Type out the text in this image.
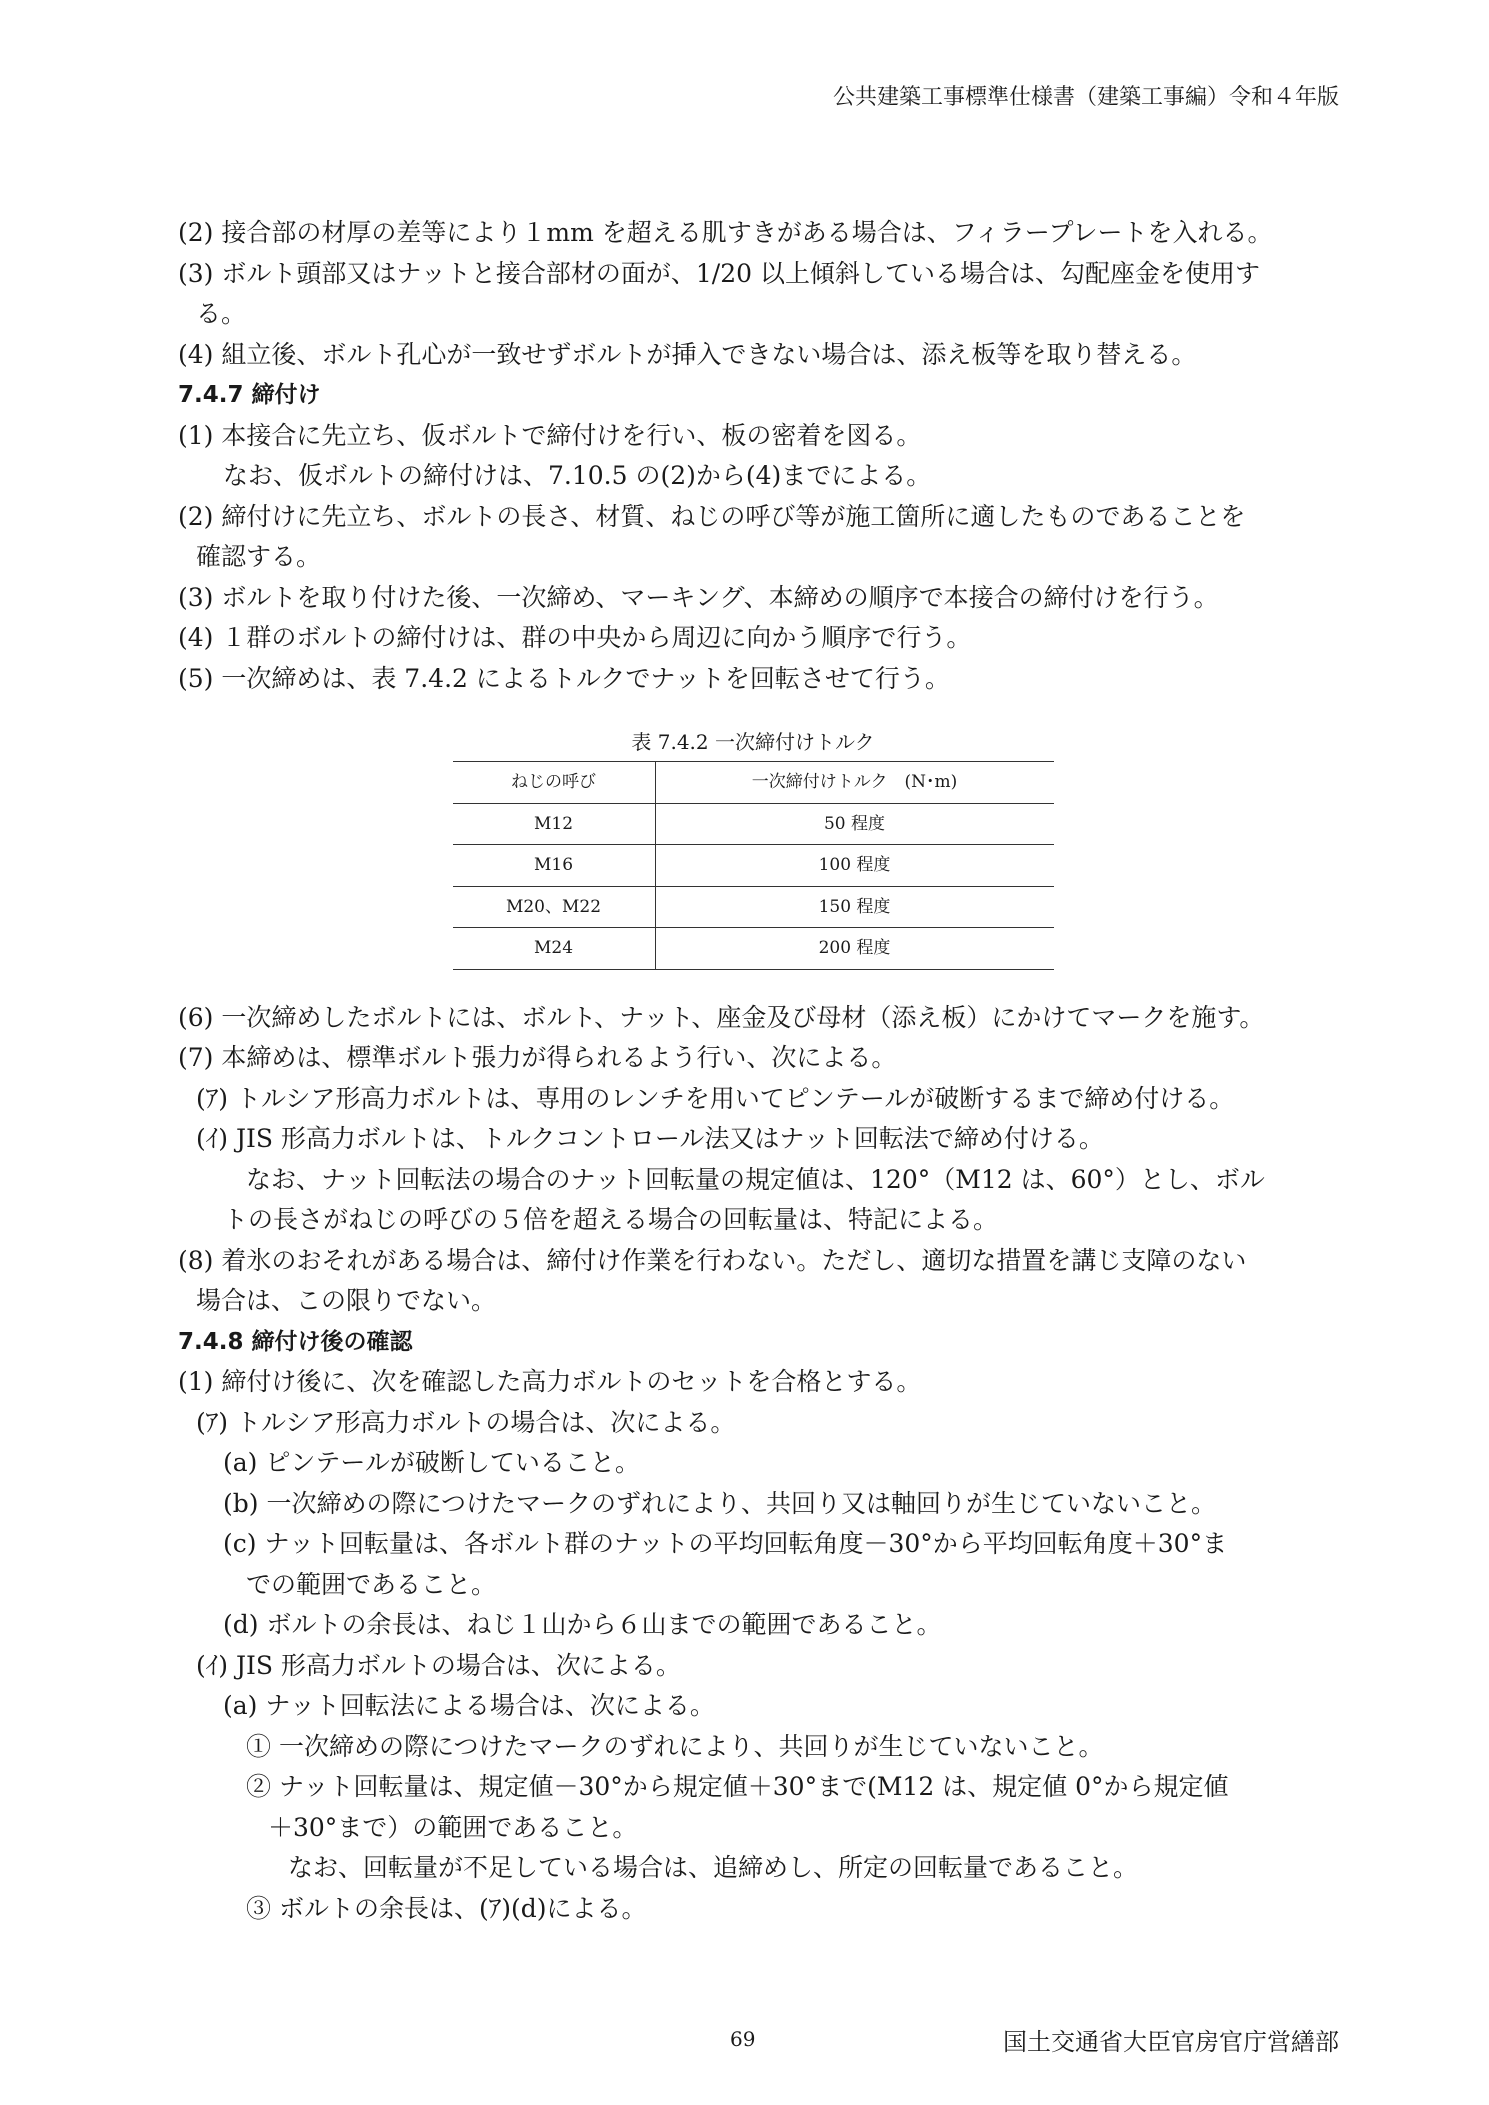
公共建築工事標準仕様書（建築工事編）令和４年版
(2) 接合部の材厚の差等により１mm を超える肌すきがある場合は、フィラープレートを入れる。
(3) ボルト頭部又はナットと接合部材の面が、1/20 以上傾斜している場合は、勾配座金を使用す
る。
(4) 組立後、ボルト孔心が一致せずボルトが挿入できない場合は、添え板等を取り替える。
7.4.7 締付け
(1) 本接合に先立ち、仮ボルトで締付けを行い、板の密着を図る。
なお、仮ボルトの締付けは、7.10.5 の(2)から(4)までによる。
(2) 締付けに先立ち、ボルトの長さ、材質、ねじの呼び等が施工箇所に適したものであることを
確認する。
(3) ボルトを取り付けた後、一次締め、マーキング、本締めの順序で本接合の締付けを行う。
(4) １群のボルトの締付けは、群の中央から周辺に向かう順序で行う。
(5) 一次締めは、表 7.4.2 によるトルクでナットを回転させて行う。
表 7.4.2 一次締付けトルク
ねじの呼び	一次締付けトルク　(N･m)
M12	50 程度
M16	100 程度
M20、M22	150 程度
M24	200 程度
(6) 一次締めしたボルトには、ボルト、ナット、座金及び母材（添え板）にかけてマークを施す。
(7) 本締めは、標準ボルト張力が得られるよう行い、次による。
(ｱ) トルシア形高力ボルトは、専用のレンチを用いてピンテールが破断するまで締め付ける。
(ｲ) JIS 形高力ボルトは、トルクコントロール法又はナット回転法で締め付ける。
なお、ナット回転法の場合のナット回転量の規定値は、120°（M12 は、60°）とし、ボル
トの長さがねじの呼びの５倍を超える場合の回転量は、特記による。
(8) 着氷のおそれがある場合は、締付け作業を行わない。ただし、適切な措置を講じ支障のない
場合は、この限りでない。
7.4.8 締付け後の確認
(1) 締付け後に、次を確認した高力ボルトのセットを合格とする。
(ｱ) トルシア形高力ボルトの場合は、次による。
(a) ピンテールが破断していること。
(b) 一次締めの際につけたマークのずれにより、共回り又は軸回りが生じていないこと。
(c) ナット回転量は、各ボルト群のナットの平均回転角度－30°から平均回転角度＋30°ま
での範囲であること。
(d) ボルトの余長は、ねじ１山から６山までの範囲であること。
(ｲ) JIS 形高力ボルトの場合は、次による。
(a) ナット回転法による場合は、次による。
① 一次締めの際につけたマークのずれにより、共回りが生じていないこと。
② ナット回転量は、規定値－30°から規定値＋30°まで(M12 は、規定値 0°から規定値
＋30°まで）の範囲であること。
なお、回転量が不足している場合は、追締めし、所定の回転量であること。
③ ボルトの余長は、(ｱ)(d)による。
69	国土交通省大臣官房官庁営繕部
